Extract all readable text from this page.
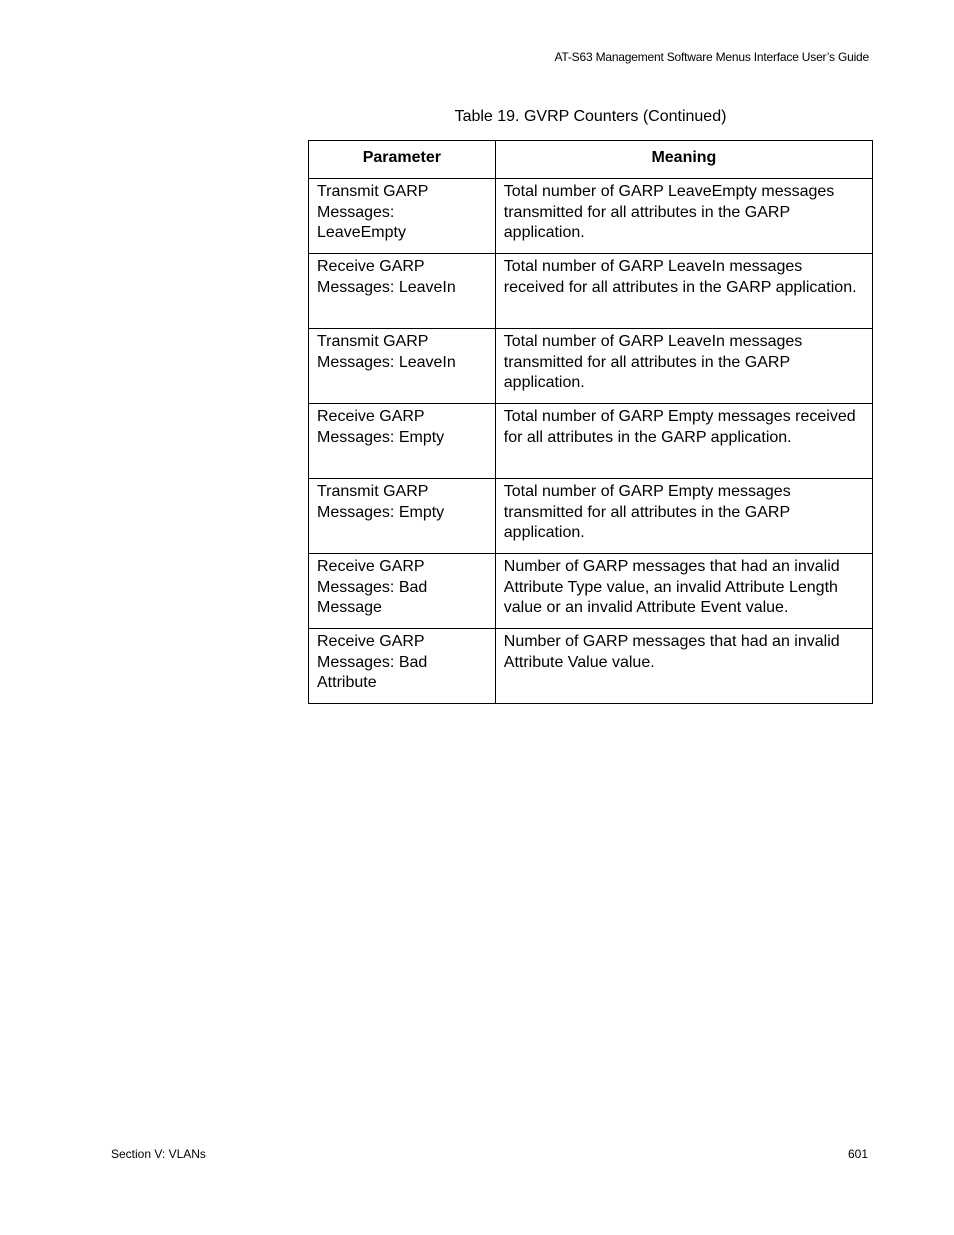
AT-S63 Management Software Menus Interface User’s Guide
Table 19. GVRP Counters (Continued)
Parameter	Meaning
Transmit GARP Messages: LeaveEmpty	Total number of GARP LeaveEmpty messages transmitted for all attributes in the GARP application.
Receive GARP Messages: LeaveIn	Total number of GARP LeaveIn messages received for all attributes in the GARP application.
Transmit GARP Messages: LeaveIn	Total number of GARP LeaveIn messages transmitted for all attributes in the GARP application.
Receive GARP Messages: Empty	Total number of GARP Empty messages received for all attributes in the GARP application.
Transmit GARP Messages: Empty	Total number of GARP Empty messages transmitted for all attributes in the GARP application.
Receive GARP Messages: Bad Message	Number of GARP messages that had an invalid Attribute Type value, an invalid Attribute Length value or an invalid Attribute Event value.
Receive GARP Messages: Bad Attribute	Number of GARP messages that had an invalid Attribute Value value.
Section V: VLANs	601
